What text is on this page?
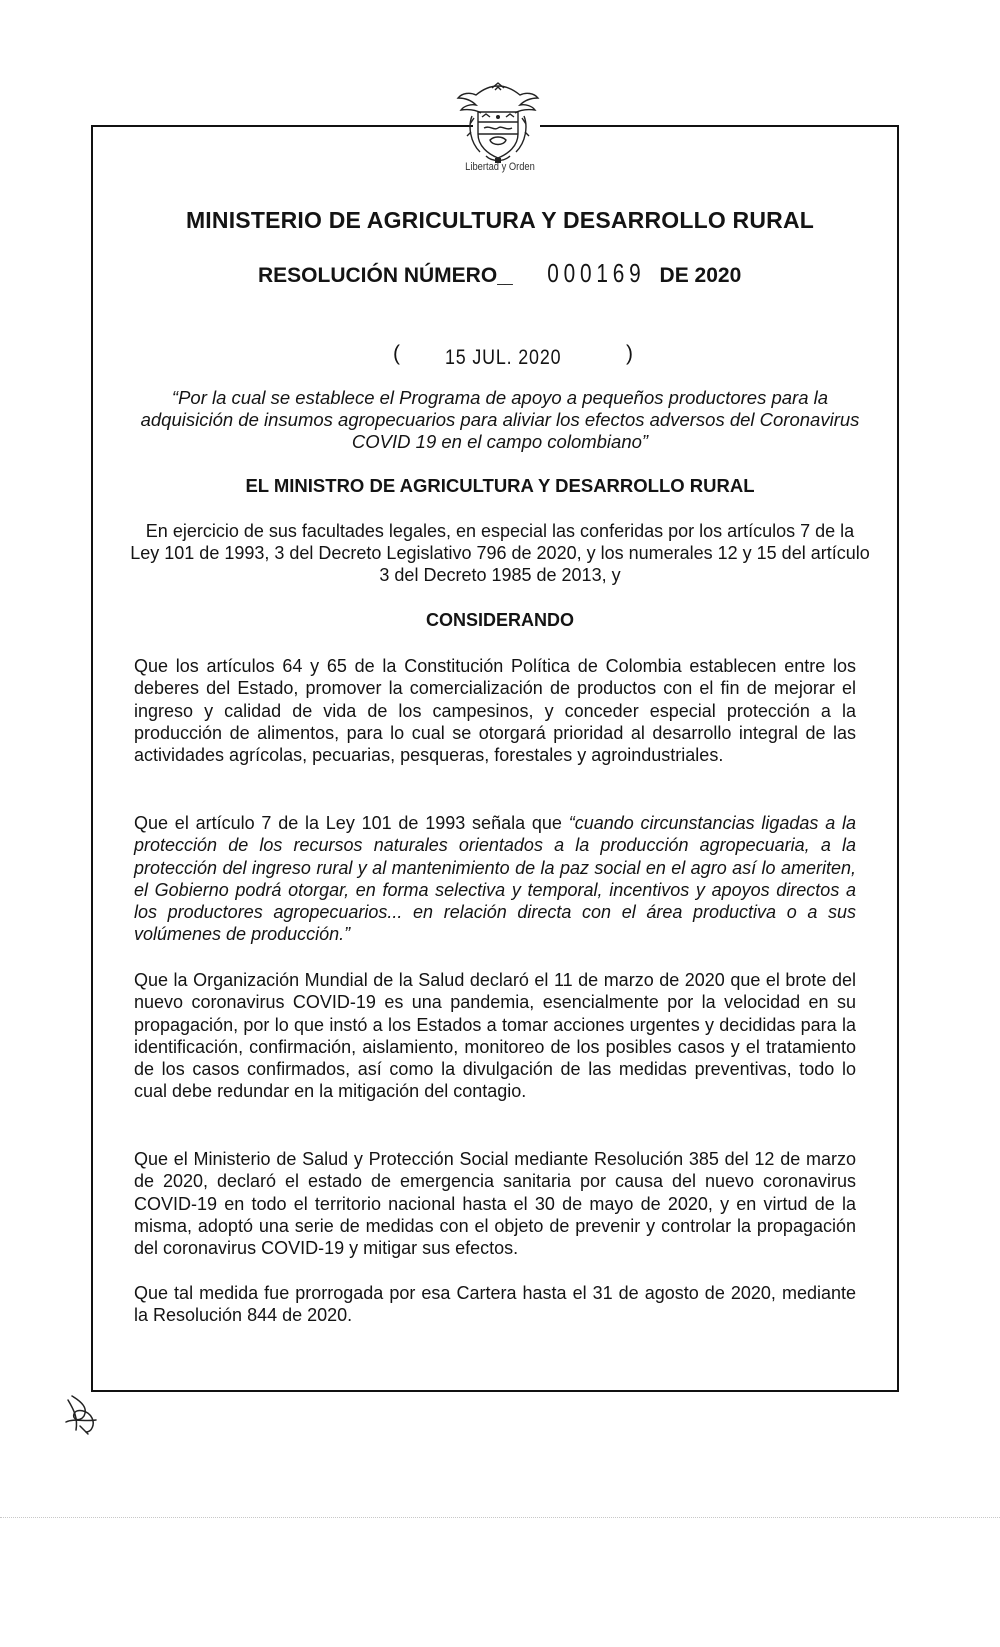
Libertad y Orden
MINISTERIO DE AGRICULTURA Y DESARROLLO RURAL
RESOLUCIÓN NÚMERO__ 000169 DE 2020
( 15 JUL. 2020	)
“Por la cual se establece el Programa de apoyo a pequeños productores para la adquisición de insumos agropecuarios para aliviar los efectos adversos del Coronavirus COVID 19 en el campo colombiano”
EL MINISTRO DE AGRICULTURA Y DESARROLLO RURAL
En ejercicio de sus facultades legales, en especial las conferidas por los artículos 7 de la Ley 101 de 1993, 3 del Decreto Legislativo 796 de 2020, y los numerales 12 y 15 del artículo 3 del Decreto 1985 de 2013, y
CONSIDERANDO
Que los artículos 64 y 65 de la Constitución Política de Colombia establecen entre los deberes del Estado, promover la comercialización de productos con el fin de mejorar el ingreso y calidad de vida de los campesinos, y conceder especial protección a la producción de alimentos, para lo cual se otorgará prioridad al desarrollo integral de las actividades agrícolas, pecuarias, pesqueras, forestales y agroindustriales.
Que el artículo 7 de la Ley 101 de 1993 señala que “cuando circunstancias ligadas a la protección de los recursos naturales orientados a la producción agropecuaria, a la protección del ingreso rural y al mantenimiento de la paz social en el agro así lo ameriten, el Gobierno podrá otorgar, en forma selectiva y temporal, incentivos y apoyos directos a los productores agropecuarios... en relación directa con el área productiva o a sus volúmenes de producción.”
Que la Organización Mundial de la Salud declaró el 11 de marzo de 2020 que el brote del nuevo coronavirus COVID-19 es una pandemia, esencialmente por la velocidad en su propagación, por lo que instó a los Estados a tomar acciones urgentes y decididas para la identificación, confirmación, aislamiento, monitoreo de los posibles casos y el tratamiento de los casos confirmados, así como la divulgación de las medidas preventivas, todo lo cual debe redundar en la mitigación del contagio.
Que el Ministerio de Salud y Protección Social mediante Resolución 385 del 12 de marzo de 2020, declaró el estado de emergencia sanitaria por causa del nuevo coronavirus COVID-19 en todo el territorio nacional hasta el 30 de mayo de 2020, y en virtud de la misma, adoptó una serie de medidas con el objeto de prevenir y controlar la propagación del coronavirus COVID-19 y mitigar sus efectos.
Que tal medida fue prorrogada por esa Cartera hasta el 31 de agosto de 2020, mediante la Resolución 844 de 2020.
